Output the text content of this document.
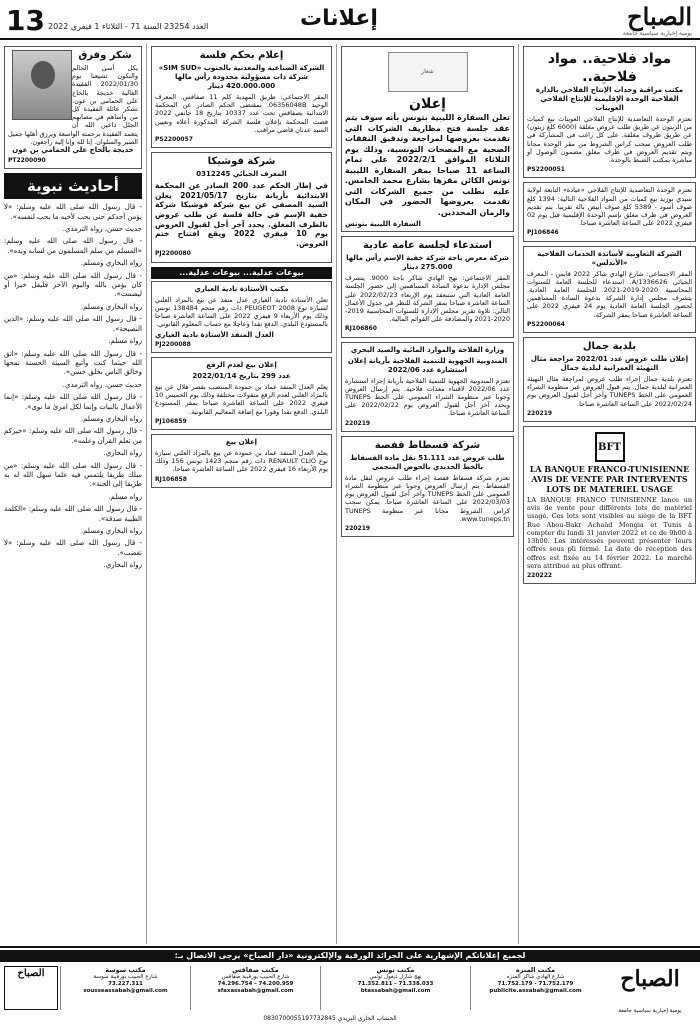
الصباح
يومية إخبارية سياسية جامعة
إعلانات
العدد 23254 السنة 71 - الثلاثاء 1 فيفري 2022
13
مواد فلاحية.. مواد فلاحية..
مكتب مراقبة وحدات الإنتاج الفلاحي بالدارة الفلاحية الوحدة الإقليمية للإنتاج الفلاحي العوينات
تعتزم الوحدة التعاضدية للإنتاج الفلاحي العوينات بيع كميات من الزيتون عن طريق طلب عروض مغلقة (6000 كلغ زيتون) عن طريق ظروف مغلقة. على كل راغب في المشاركة في طلب العروض سحب كراس الشروط من مقر الوحدة مجانا ويتم تقديم العروض في ظرف مغلق مضمون الوصول أو مباشرة بمكتب الضبط بالوحدة.
PS2200051
تعتزم الوحدة التعاضدية للإنتاج الفلاحي «عيادة» التابعة لولاية سيدي بوزيد بيع كميات من المواد الفلاحية التالية: 1394 كلغ صوف أسود - 5389 كلغ صوف أبيض بالة تقريبا. يتم تقديم العروض في ظرف مغلق بإسم الوحدة الإقليمية قبل يوم 02 فيفري 2022 على الساعة العاشرة صباحا.
PJ106846
الشركة التعاونية لأساتذة الخدمات الفلاحية «الأندلس»
المقر الاجتماعي: شارع الهادي شاكر 2022 قابس - المعرف الجبائي A/1336626. استدعاء للجلسة العامة للسنوات المحاسبية 2020-2019-2021 للجلسة العامة العادية. يتشرف مجلس إدارة الشركة بدعوة السادة المساهمين لحضور الجلسة العامة العادية يوم 24 فيفري 2022 على الساعة العاشرة صباحا بمقر الشركة.
PS2200064
بلدية جمال
إعلان طلب عروض عدد 2022/01 مراجعة مثال التهيئة العمرانية لبلدية جمال
تعتزم بلدية جمال إجراء طلب عروض لمراجعة مثال التهيئة العمرانية لبلدية جمال. يتم قبول العروض عبر منظومة الشراء العمومي على الخط TUNEPS وآخر أجل لقبول العروض يوم 2022/02/24 على الساعة العاشرة صباحا.
220219
BFT
LA BANQUE FRANCO-TUNISIENNE AVIS DE VENTE PAR INTERVENTS LOTS DE MATERIEL USAGE
LA BANQUE FRANCO TUNISIENNE lance un avis de vente pour différents lots de matériel usagé. Ces lots sont visibles au siège de la BFT Rue Abou-Bakr Achaâd Mongia et Tunis à compter du lundi 31 janvier 2022 et ce de 9h00 à 13h00. Les intéressés peuvent présenter leurs offres sous pli fermé. La date de réception des offres est fixée au 14 février 2022. Le marché sera attribué au plus offrant.
220222
شعار
إعلان
تعلن السفارة الليبية بتونس بأنه سوف يتم عقد جلسة فتح مظاريف الشركات التي تقدمت بعروضها لمراجعة وتدقيق النفقات الصحية مع المصحات التونسية، وذلك يوم الثلاثاء الموافق 2022/2/1 على تمام الساعة 11 صباحا بمقر السفارة الليبية تونس الكائن مقرها بشارع محمد الخامس. عليه نطلب من جميع الشركات التي تقدمت بعروضها الحضور في المكان والزمان المحددين.
السفارة الليبية بتونس
استدعاء لجلسة عامة عادية
شركة معرض باجة شركة خفية الإسم رأس مالها 275.000 دينار
المقر الاجتماعي: نهج الهادي شاكر باجة 9000. يتشرف مجلس الإدارة بدعوة السادة المساهمين إلى حضور الجلسة العامة العادية التي ستنعقد يوم الإربعاء 2022/02/23 على الساعة العاشرة صباحا بمقر الشركة للنظر في جدول الأعمال التالي: تلاوة تقرير مجلس الإدارة للسنوات المحاسبية 2019-2020-2021 والمصادقة على القوائم المالية.
RJ106860
وزارة الفلاحة والموارد المائية والصيد البحري
المندوبية الجهوية للتنمية الفلاحية بأريانة إعلان استشارة عدد 2022/06
تعتزم المندوبية الجهوية للتنمية الفلاحية بأريانة إجراء استشارة عدد 2022/06 لاقتناء معدات فلاحية. يتم إرسال العروض وجوبا عبر منظومة الشراء العمومي على الخط TUNEPS ويحدد آخر أجل لقبول العروض يوم 2022/02/22 على الساعة العاشرة صباحا.
220219
شركة قسطاط قفصة
طلب عروض عدد 51.111 نقل مادة الفسفاط بالخط الحديدي بالحوض المنجمي
تعتزم شركة فسفاط قفصة إجراء طلب عروض لنقل مادة الفسفاط. يتم إرسال العروض وجوبا عبر منظومة الشراء العمومي على الخط TUNEPS وآخر أجل لقبول العروض يوم 2022/03/03 على الساعة العاشرة صباحا. يمكن سحب كراس الشروط مجانا عبر منظومة TUNEPS www.tuneps.tn.
220219
إعلام بحكم فلسة
الشركة الصناعية والمعدنية بالجنوب «SIM SUD» شركة ذات مسؤولية محدودة رأس مالها 420.000.000 دينار
المقر الاجتماعي: طريق المهدية كلم 11 صفاقس. المعرف الوحيد 06356048B. بمقتضى الحكم الصادر عن المحكمة الابتدائية بصفاقس تحت عدد 10337 بتاريخ 18 جانفي 2022 قضت المحكمة بإعلان فلسة الشركة المذكورة أعلاه وتعيين السيد عدنان قاضي مراقب.
PS2200057
شركة فوشيكا
المعرف الجبائي 0312245
في إطار الحكم عدد 200 الصادر عن المحكمة الابتدائية بأريانة بتاريخ 2021/05/17 يعلن السيد المصفي عن بيع شركة فوشيكا شركة خفية الإسم في حالة فلسة عن طلب عروض بالظرف المغلق. يحدد آخر أجل لقبول العروض يوم 10 فيفري 2022 ويقع افتتاح ختم العروض.
PJ2200080
بيوعات عدلية... بيوعات عدلية...
مكتب الأستاذة نادية العياري
تعلن الأستاذة نادية العياري عدل منفذ عن بيع بالمزاد العلني لسيارة نوع PEUGEOT 2008 ذات رقم منجم 138484 تونس وذلك يوم الأربعاء 9 فيفري 2022 على الساعة العاشرة صباحا بالمستودع البلدي. الدفع نقدا وعاجلا مع حساب المعلوم القانوني.
العدل المنفذ الأستاذة نادية العياري
PJ2200088
إعلان بيع لعدم الرفع
عدد 299 بتاريخ 2022/01/14
يعلم العدل المنفذ عماد بن حمودة المنتصب بقصر هلال عن بيع بالمزاد العلني لعدم الرفع منقولات مختلفة وذلك يوم الخميس 10 فيفري 2022 على الساعة العاشرة صباحا بمقر المستودع البلدي. الدفع نقدا وفورا مع إضافة المعاليم القانونية.
PJ106859
إعلان بيع
يعلم العدل المنفذ عماد بن حمودة عن بيع بالمزاد العلني سيارة نوع RENAULT CLIO ذات رقم منجم 1423 تونس 156 وذلك يوم الأربعاء 16 فيفري 2022 على الساعة العاشرة صباحا.
RJ106858
شكر وفرق
يكل أسى الحالم والتكون تشيعنا يوم 2022/01/30 الفقيدة الغالية خديجة بالحاج علي الحمامي بن عون. تشكر عائلة الفقيدة كل من واساهم في مصابهم الجلل داعين الله أن يتغمد الفقيدة برحمته الواسعة ويرزق أهلها جميل الصبر والسلوان. إنا لله وإنا إليه راجعون.
خديجة بالحاج علي الحمامي بن عون
PT2200090
أحاديث نبوية

- قال رسول الله صلى الله عليه وسلم: «لا يؤمن أحدكم حتى يحب لأخيه ما يحب لنفسه».

حديث حسن، رواه الترمذي.

- قال رسول الله صلى الله عليه وسلم: «المسلم من سلم المسلمون من لسانه ويده».

رواه البخاري ومسلم.

- قال رسول الله صلى الله عليه وسلم: «من كان يؤمن بالله واليوم الآخر فليقل خيرا أو ليصمت».

رواه البخاري ومسلم.

- قال رسول الله صلى الله عليه وسلم: «الدين النصيحة».

رواه مسلم.

- قال رسول الله صلى الله عليه وسلم: «اتق الله حيثما كنت وأتبع السيئة الحسنة تمحها وخالق الناس بخلق حسن».

حديث حسن، رواه الترمذي.

- قال رسول الله صلى الله عليه وسلم: «إنما الأعمال بالنيات وإنما لكل امرئ ما نوى».

رواه البخاري ومسلم.

- قال رسول الله صلى الله عليه وسلم: «خيركم من تعلم القرآن وعلمه».

رواه البخاري.

- قال رسول الله صلى الله عليه وسلم: «من سلك طريقا يلتمس فيه علما سهل الله له به طريقا إلى الجنة».

رواه مسلم.

- قال رسول الله صلى الله عليه وسلم: «الكلمة الطيبة صدقة».

رواه البخاري ومسلم.

- قال رسول الله صلى الله عليه وسلم: «لا تغضب».

رواه البخاري.

لجميع إعلاناتكم الإشهارية على الجرائد الورقية والإلكترونية «دار الصباح» يرجى الاتصال بـ:
الصباح
يومية إخبارية سياسية جامعة
مكتب المنزه
شارع الهادي شاكر المنزه
71.752.179 - 71.752.179
publicite.assabah@gmail.com
مكتب تونس
نهج شارل ديغول تونس
71.352.811 - 71.338.033
btassabah@gmail.com
مكتب صفاقس
شارع الحبيب بورقيبة صفاقس
74.296.754 - 74.200.959
sfaxassabah@gmail.com
مكتب سوسة
شارع الحبيب بورقيبة سوسة
73.227.311
sousseassabah@gmail.com
الصباح
الحساب الجاري البريدي 0830700055197732845
